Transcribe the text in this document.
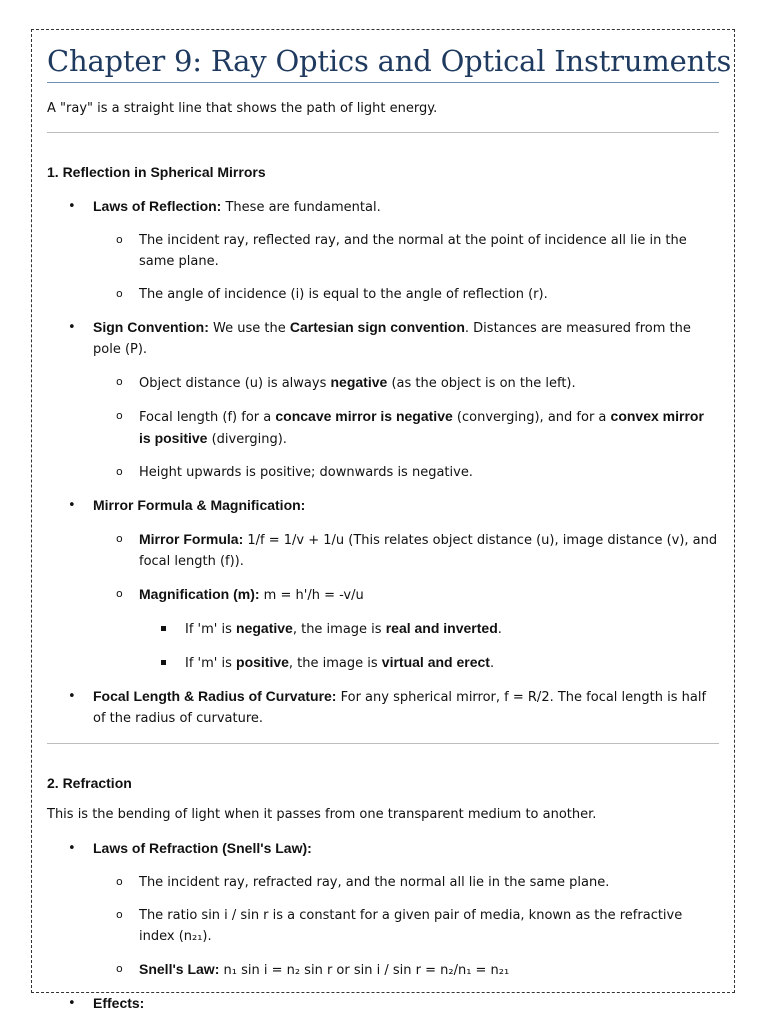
Chapter 9: Ray Optics and Optical Instruments

A "ray" is a straight line that shows the path of light energy.

1. Reflection in Spherical Mirrors
• Laws of Reflection: These are fundamental.
o The incident ray, reflected ray, and the normal at the point of incidence all lie in the same plane.
o The angle of incidence (i) is equal to the angle of reflection (r).
• Sign Convention: We use the Cartesian sign convention. Distances are measured from the pole (P).
o Object distance (u) is always negative (as the object is on the left).
o Focal length (f) for a concave mirror is negative (converging), and for a convex mirror is positive (diverging).
o Height upwards is positive; downwards is negative.
• Mirror Formula & Magnification:
o Mirror Formula: 1/f = 1/v + 1/u (This relates object distance (u), image distance (v), and focal length (f)).
o Magnification (m): m = h'/h = -v/u
If 'm' is negative, the image is real and inverted.
If 'm' is positive, the image is virtual and erect.
• Focal Length & Radius of Curvature: For any spherical mirror, f = R/2. The focal length is half of the radius of curvature.
2. Refraction

This is the bending of light when it passes from one transparent medium to another.

• Laws of Refraction (Snell's Law):
o The incident ray, refracted ray, and the normal all lie in the same plane.
o The ratio sin i / sin r is a constant for a given pair of media, known as the refractive index (n₂₁).
o Snell's Law: n₁ sin i = n₂ sin r or sin i / sin r = n₂/n₁ = n₂₁
• Effects:
